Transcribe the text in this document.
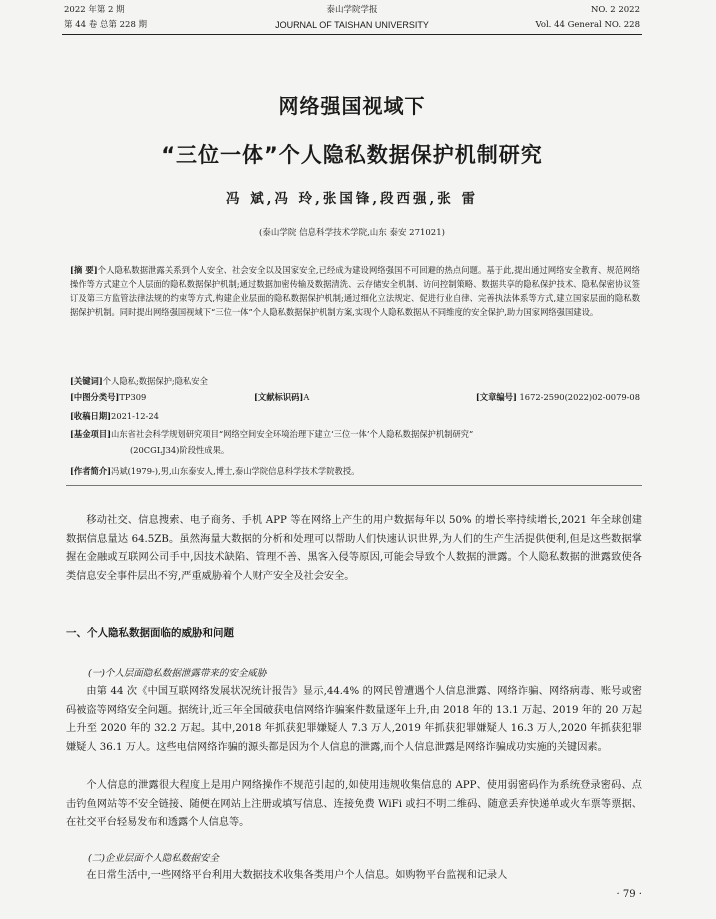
2022 年第 2 期	泰山学院学报	NO. 2 2022
第 44 卷 总第 228 期	JOURNAL OF TAISHAN UNIVERSITY	Vol. 44 General NO. 228
网络强国视域下
“三位一体”个人隐私数据保护机制研究
冯 斌,冯 玲,张国锋,段西强,张 雷
(泰山学院 信息科学技术学院,山东 泰安 271021)

[摘 要]个人隐私数据泄露关系到个人安全、社会安全以及国家安全,已经成为建设网络强国不可回避的热点问题。基于此,提出通过网络安全教育、规范网络操作等方式建立个人层面的隐私数据保护机制;通过数据加密传输及数据清洗、云存储安全机制、访问控制策略、数据共享的隐私保护技术、隐私保密协议签订及第三方监管法律法规的约束等方式,构建企业层面的隐私数据保护机制;通过细化立法规定、促进行业自律、完善执法体系等方式,建立国家层面的隐私数据保护机制。同时提出网络强国视域下“三位一体”个人隐私数据保护机制方案,实现个人隐私数据从不同维度的安全保护,助力国家网络强国建设。

[关键词]个人隐私;数据保护;隐私安全
[中图分类号]TP309	[文献标识码]A	[文章编号] 1672-2590(2022)02-0079-08
[收稿日期]2021-12-24
[基金项目]山东省社会科学规划研究项目“网络空间安全环境治理下建立‘三位一体’个人隐私数据保护机制研究”
(20CGLJ34)阶段性成果。
[作者简介]冯斌(1979-),男,山东泰安人,博士,泰山学院信息科学技术学院教授。

移动社交、信息搜索、电子商务、手机 APP 等在网络上产生的用户数据每年以 50% 的增长率持续增长,2021 年全球创建数据信息量达 64.5ZB。虽然海量大数据的分析和处理可以帮助人们快速认识世界,为人们的生产生活提供便利,但是这些数据掌握在金融或互联网公司手中,因技术缺陷、管理不善、黑客入侵等原因,可能会导致个人数据的泄露。个人隐私数据的泄露致使各类信息安全事件层出不穷,严重威胁着个人财产安全及社会安全。

一、个人隐私数据面临的威胁和问题
(一)个人层面隐私数据泄露带来的安全威胁

由第 44 次《中国互联网络发展状况统计报告》显示,44.4% 的网民曾遭遇个人信息泄露、网络诈骗、网络病毒、账号或密码被盗等网络安全问题。据统计,近三年全国破获电信网络诈骗案件数量逐年上升,由 2018 年的 13.1 万起、2019 年的 20 万起上升至 2020 年的 32.2 万起。其中,2018 年抓获犯罪嫌疑人 7.3 万人,2019 年抓获犯罪嫌疑人 16.3 万人,2020 年抓获犯罪嫌疑人 36.1 万人。这些电信网络诈骗的源头都是因为个人信息的泄露,而个人信息泄露是网络诈骗成功实施的关键因素。

个人信息的泄露很大程度上是用户网络操作不规范引起的,如使用违规收集信息的 APP、使用弱密码作为系统登录密码、点击钓鱼网站等不安全链接、随便在网站上注册或填写信息、连接免费 WiFi 或扫不明二维码、随意丢弃快递单或火车票等票据、在社交平台轻易发布和透露个人信息等。

(二)企业层面个人隐私数据安全

在日常生活中,一些网络平台利用大数据技术收集各类用户个人信息。如购物平台监视和记录人

· 79 ·
